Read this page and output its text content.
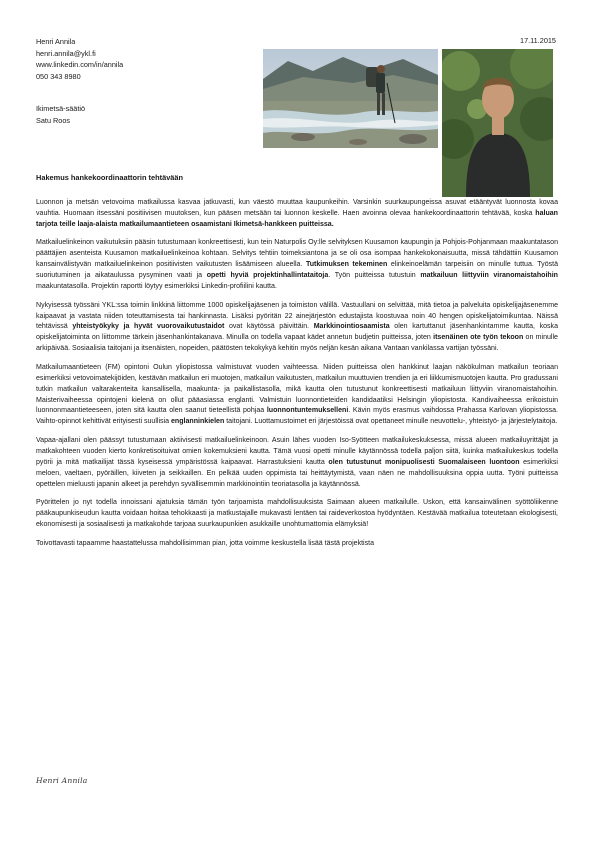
Henri Annila
henri.annila@ykl.fi
www.linkedin.com/in/annila
050 343 8980
Ikimetsä-säätiö
Satu Roos
17.11.2015
Hakemus hankekoordinaattorin tehtävään

Luonnon ja metsän vetovoima matkailussa kasvaa jatkuvasti, kun väestö muuttaa kaupunkeihin. Varsinkin suurkaupungeissa asuvat etääntyvät luonnosta kovaa vauhtia. Huomaan itsessäni positiivisen muutoksen, kun pääsen metsään tai luonnon keskelle. Haen avoinna olevaa hankekoordinaattorin tehtävää, koska haluan tarjota teille laaja-alaista matkailumaantieteen osaamistani Ikimetsä-hankkeen puitteissa.

Matkailuelinkeinon vaikutuksiin pääsin tutustumaan konkreettisesti, kun tein Naturpolis Oy:lle selvityksen Kuusamon kaupungin ja Pohjois-Pohjanmaan maakuntatason päättäjien asenteista Kuusamon matkailuelinkeinoa kohtaan. Selvitys tehtiin toimeksiantona ja se oli osa isompaa hankekokonaisuutta, missä tähdättiin Kuusamon kansainvälistyvän matkailuelinkeinon positiivisten vaikutusten lisäämiseen alueella. Tutkimuksen tekeminen elinkeinoelämän tarpeisiin on minulle tuttua. Työstä suoriutuminen ja aikataulussa pysyminen vaati ja opetti hyviä projektinhallintataitoja. Työn puitteissa tutustuin matkailuun liittyviin viranomaistahoihin maakuntatasolla. Projektin raportti löytyy esimerkiksi Linkedin-profiilini kautta.

Nykyisessä työssäni YKL:ssa toimin linkkinä liittomme 1000 opiskelijajäsenen ja toimiston välillä. Vastuullani on selvittää, mitä tietoa ja palveluita opiskelijajäsenemme kaipaavat ja vastata niiden toteuttamisesta tai hankinnasta. Lisäksi pyöritän 22 ainejärjestön edustajista koostuvaa noin 40 hengen opiskelijatoimikuntaa. Näissä tehtävissä yhteistyökyky ja hyvät vuorovaikutustaidot ovat käytössä päivittäin. Markkinointiosaamista olen kartuttanut jäsenhankintamme kautta, koska opiskelijatoiminta on liittomme tärkein jäsenhankintakanava. Minulla on todella vapaat kädet annetun budjetin puitteissa, joten itsenäinen ote työn tekoon on minulle arkipäivää. Sosiaalisia taitojani ja itsenäisten, nopeiden, päätösten tekokykyä kehitin myös neljän kesän aikana Vantaan vankilassa vartijan työssäni.

Matkailumaantieteen (FM) opintoni Oulun yliopistossa valmistuvat vuoden vaihteessa. Niiden puitteissa olen hankkinut laajan näkökulman matkailun teoriaan esimerkiksi vetovoimatekijöiden, kestävän matkailun eri muotojen, matkailun vaikutusten, matkailun muuttuvien trendien ja eri liikkumismuotojen kautta. Pro gradussani tutkin matkailun valtarakenteita kansallisella, maakunta- ja paikallistasolla, mikä kautta olen tutustunut konkreettisesti matkailuun liittyviin viranomaistahoihin. Maisterivaiheessa opintojeni kielenä on ollut pääasiassa englanti. Valmistuin luonnontieteiden kandidaatiksi Helsingin yliopistosta. Kandivaiheessa erikoistuin luonnonmaantieteeseen, joten sitä kautta olen saanut tieteellistä pohjaa luonnontuntemukselleni. Kävin myös erasmus vaihdossa Prahassa Karlovan yliopistossa. Vaihto-opinnot kehittivät erityisesti suullisia englanninkielen taitojani. Luottamustoimet eri järjestöissä ovat opettaneet minulle neuvottelu-, yhteistyö- ja järjestelytaitoja.

Vapaa-ajallani olen päässyt tutustumaan aktiivisesti matkailuelinkeinoon. Asuin lähes vuoden Iso-Syötteen matkailukeskuksessa, missä alueen matkailuyrittäjät ja matkakohteen vuoden kierto konkretisoituivat omien kokemuksieni kautta. Tämä vuosi opetti minulle käytännössä todella paljon siitä, kuinka matkailukeskus todella pyörii ja mitä matkailijat tässä kyseisessä ympäristössä kaipaavat. Harrastuksieni kautta olen tutustunut monipuolisesti Suomalaiseen luontoon esimerkiksi meloen, vaeltaen, pyöräillen, kiiveten ja seikkaillen. En pelkää uuden oppimista tai heittäytymistä, vaan näen ne mahdollisuuksina oppia uutta. Työni puitteissa opettelen mieluusti japanin alkeet ja perehdyn syvällisemmin markkinointiin teoriatasolla ja käytännössä.

Pyörittelen jo nyt todella innoissani ajatuksia tämän työn tarjoamista mahdollisuuksista Saimaan alueen matkailulle. Uskon, että kansainvälinen syöttöliikenne pääkaupunkiseudun kautta voidaan hoitaa tehokkaasti ja matkustajalle mukavasti lentäen tai raideverkostoa hyödyntäen. Kestävää matkailua toteutetaan ekologisesti, ekonomisesti ja sosiaalisesti ja matkakohde tarjoaa suurkaupunkien asukkaille unohtumattomia elämyksiä!

Toivottavasti tapaamme haastattelussa mahdollisimman pian, jotta voimme keskustella lisää tästä projektista

Henri Annila
